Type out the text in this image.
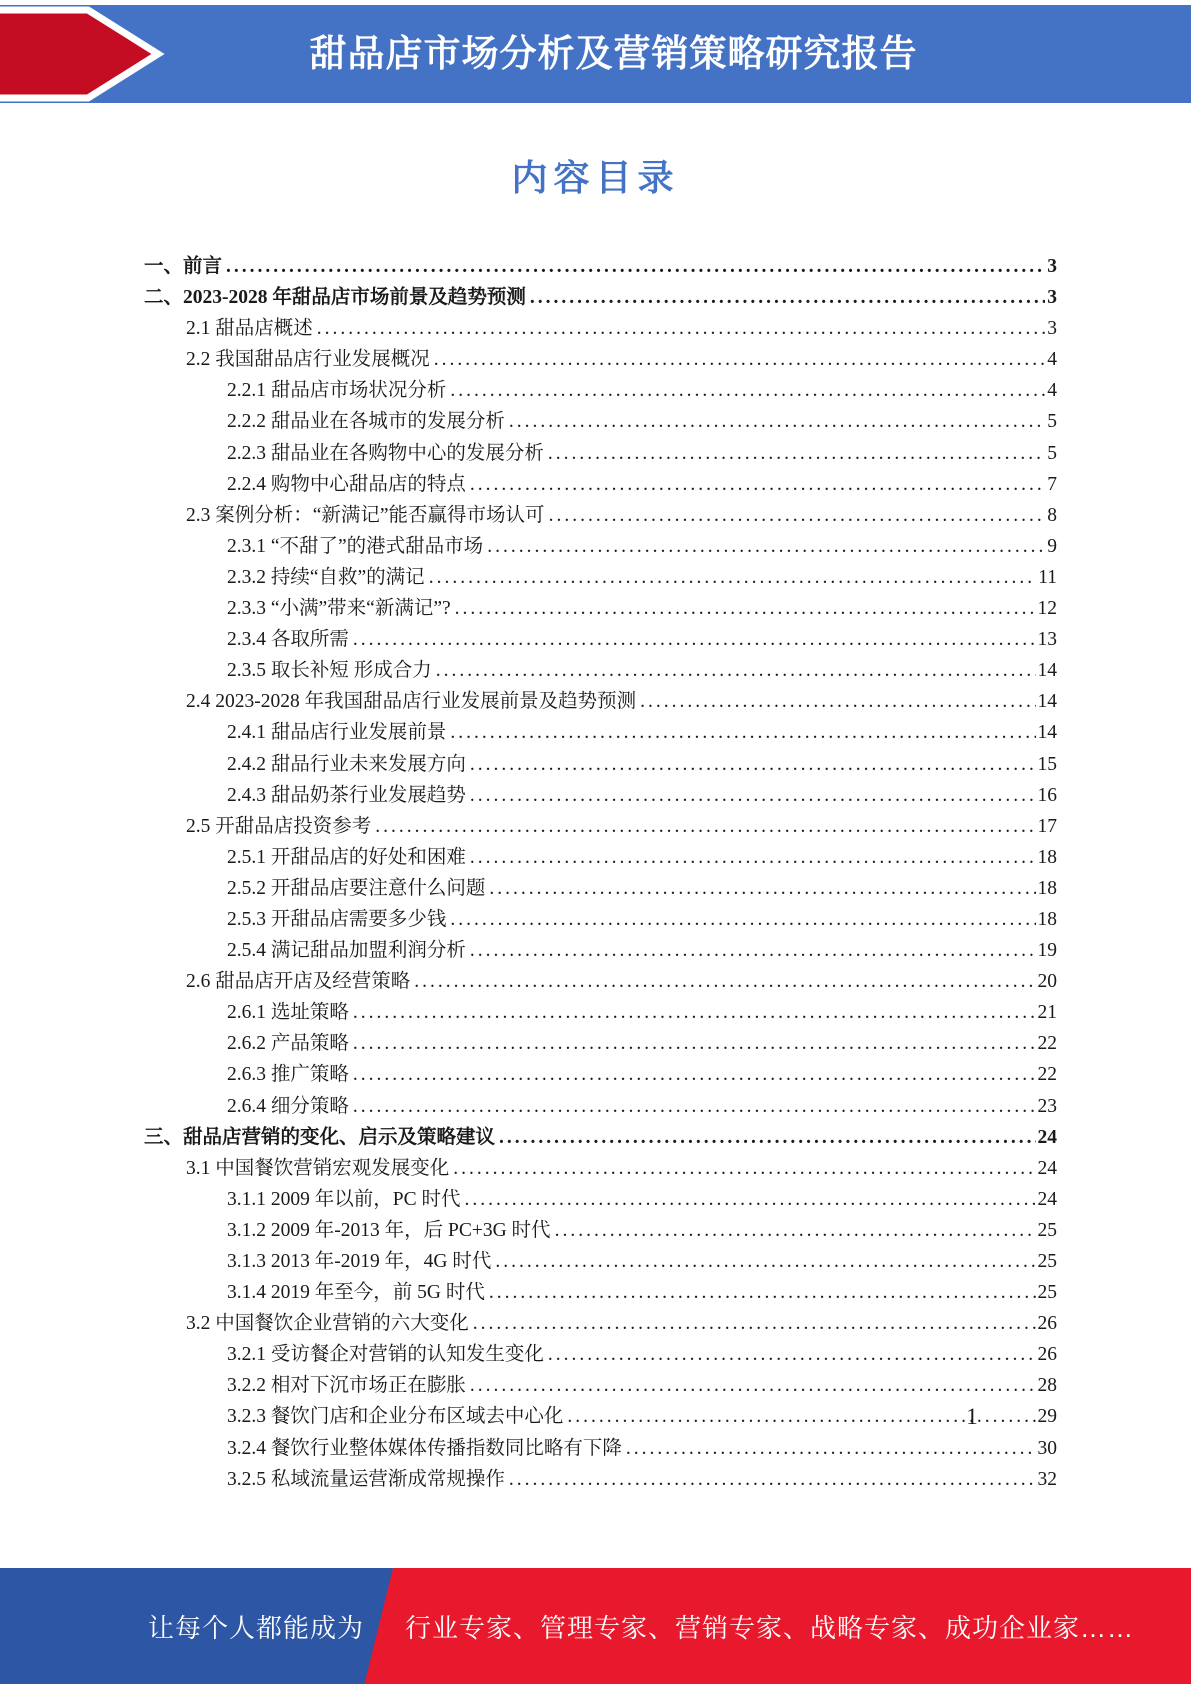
甜品店市场分析及营销策略研究报告
内容目录
一、前言 .....	3
二、2023-2028 年甜品店市场前景及趋势预测 .....	3
2.1 甜品店概述 .....	3
2.2 我国甜品店行业发展概况 .....	4
2.2.1 甜品店市场状况分析 .....	4
2.2.2 甜品业在各城市的发展分析 .....	5
2.2.3 甜品业在各购物中心的发展分析 .....	5
2.2.4 购物中心甜品店的特点 .....	7
2.3 案例分析：“新满记”能否赢得市场认可 .....	8
2.3.1 “不甜了”的港式甜品市场 .....	9
2.3.2 持续“自救”的满记 .....	11
2.3.3 “小满”带来“新满记”? .....	12
2.3.4 各取所需 .....	13
2.3.5 取长补短 形成合力 .....	14
2.4 2023-2028 年我国甜品店行业发展前景及趋势预测 .....	14
2.4.1 甜品店行业发展前景 .....	14
2.4.2 甜品行业未来发展方向 .....	15
2.4.3 甜品奶茶行业发展趋势 .....	16
2.5 开甜品店投资参考 .....	17
2.5.1 开甜品店的好处和困难 .....	18
2.5.2 开甜品店要注意什么问题 .....	18
2.5.3 开甜品店需要多少钱 .....	18
2.5.4 满记甜品加盟利润分析 .....	19
2.6 甜品店开店及经营策略 .....	20
2.6.1 选址策略 .....	21
2.6.2 产品策略 .....	22
2.6.3 推广策略 .....	22
2.6.4 细分策略 .....	23
三、甜品店营销的变化、启示及策略建议 .....	24
3.1 中国餐饮营销宏观发展变化 .....	24
3.1.1 2009 年以前，PC 时代 .....	24
3.1.2 2009 年-2013 年，后 PC+3G 时代 .....	25
3.1.3 2013 年-2019 年，4G 时代 .....	25
3.1.4 2019 年至今，前 5G 时代 .....	25
3.2 中国餐饮企业营销的六大变化 .....	26
3.2.1 受访餐企对营销的认知发生变化 .....	26
3.2.2 相对下沉市场正在膨胀 .....	28
3.2.3 餐饮门店和企业分布区域去中心化 .....	29
3.2.4 餐饮行业整体媒体传播指数同比略有下降 .....	30
3.2.5 私域流量运营渐成常规操作 .....	32
1
让每个人都能成为 行业专家、管理专家、营销专家、战略专家、成功企业家……
